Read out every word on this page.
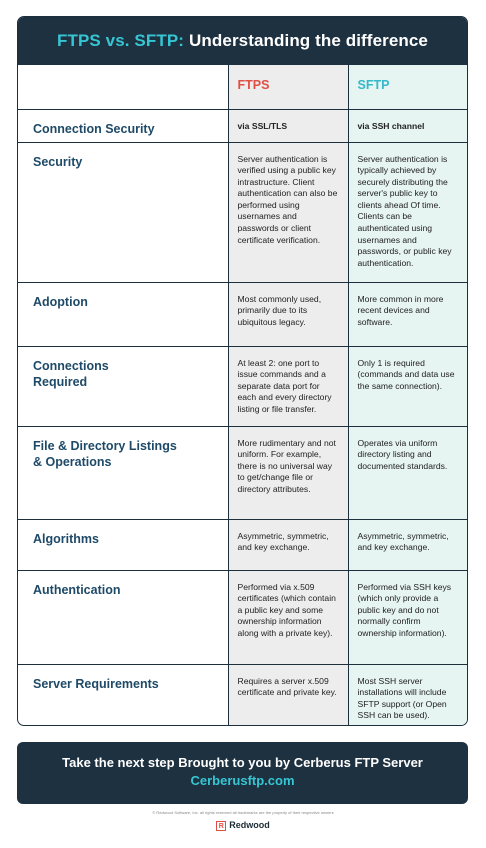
FTPS vs. SFTP: Understanding the difference
	FTPS	SFTP
Connection Security	via SSL/TLS	via SSH channel
Security	Server authentication is verified using a public key intrastructure. Client authentication can also be performed using usernames and passwords or client certificate verification.	Server authentication is typically achieved by securely distributing the server's public key to clients ahead Of time. Clients can be authenticated using usernames and passwords, or public key authentication.
Adoption	Most commonly used, primarily due to its ubiquitous legacy.	More common in more recent devices and software.
Connections Required	At least 2: one port to issue commands and a separate data port for each and every directory listing or file transfer.	Only 1 is required (commands and data use the same connection).
File & Directory Listings & Operations	More rudimentary and not uniform. For example, there is no universal way to get/change file or directory attributes.	Operates via uniform directory listing and documented standards.
Algorithms	Asymmetric, symmetric, and key exchange.	Asymmetric, symmetric, and key exchange.
Authentication	Performed via x.509 certificates (which contain a public key and some ownership information along with a private key).	Performed via SSH keys (which only provide a public key and do not normally confirm ownership information).
Server Requirements	Requires a server x.509 certificate and private key.	Most SSH server installations will include SFTP support (or Open SSH can be used).
Take the next step Brought to you by Cerberus FTP Server
Cerberusftp.com
© Redwood Software, Inc. all rights reserved all trademarks are the property of their respective owners
R Redwood
